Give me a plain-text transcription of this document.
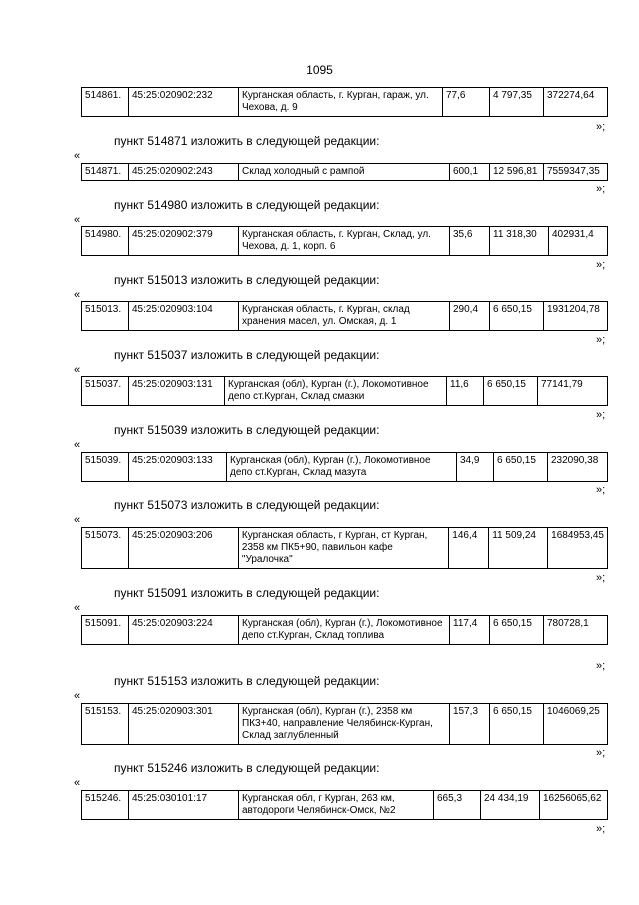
1095
514861.	45:25:020902:232	Курганская область, г. Курган, гараж, ул. Чехова, д. 9	77,6	4 797,35	372274,64
»;
пункт 514871 изложить в следующей редакции:
«
514871.	45:25:020902:243	Склад холодный с рампой	600,1	12 596,81	7559347,35
»;
пункт 514980 изложить в следующей редакции:
«
514980.	45:25:020902:379	Курганская область, г. Курган, Склад, ул. Чехова, д. 1, корп. 6	35,6	11 318,30	402931,4
»;
пункт 515013 изложить в следующей редакции:
«
515013.	45:25:020903:104	Курганская область, г. Курган, склад хранения масел, ул. Омская, д. 1	290,4	6 650,15	1931204,78
»;
пункт 515037 изложить в следующей редакции:
«
515037.	45:25:020903:131	Курганская (обл), Курган (г.), Локомотивное депо ст.Курган, Склад смазки	11,6	6 650,15	77141,79
»;
пункт 515039 изложить в следующей редакции:
«
515039.	45:25:020903:133	Курганская (обл), Курган (г.), Локомотивное депо ст.Курган, Склад мазута	34,9	6 650,15	232090,38
»;
пункт 515073 изложить в следующей редакции:
«
515073.	45:25:020903:206	Курганская область, г Курган, ст Курган, 2358 км ПК5+90, павильон кафе "Уралочка"	146,4	11 509,24	1684953,45
»;
пункт 515091 изложить в следующей редакции:
«
515091.	45:25:020903:224	Курганская (обл), Курган (г.), Локомотивное депо ст.Курган, Склад топлива	117,4	6 650,15	780728,1
»;
пункт 515153 изложить в следующей редакции:
«
515153.	45:25:020903:301	Курганская (обл), Курган (г.), 2358 км ПК3+40, направление Челябинск-Курган, Склад заглубленный	157,3	6 650,15	1046069,25
»;
пункт 515246 изложить в следующей редакции:
«
515246.	45:25:030101:17	Курганская обл, г Курган, 263 км, автодороги Челябинск-Омск, №2	665,3	24 434,19	16256065,62
»;
